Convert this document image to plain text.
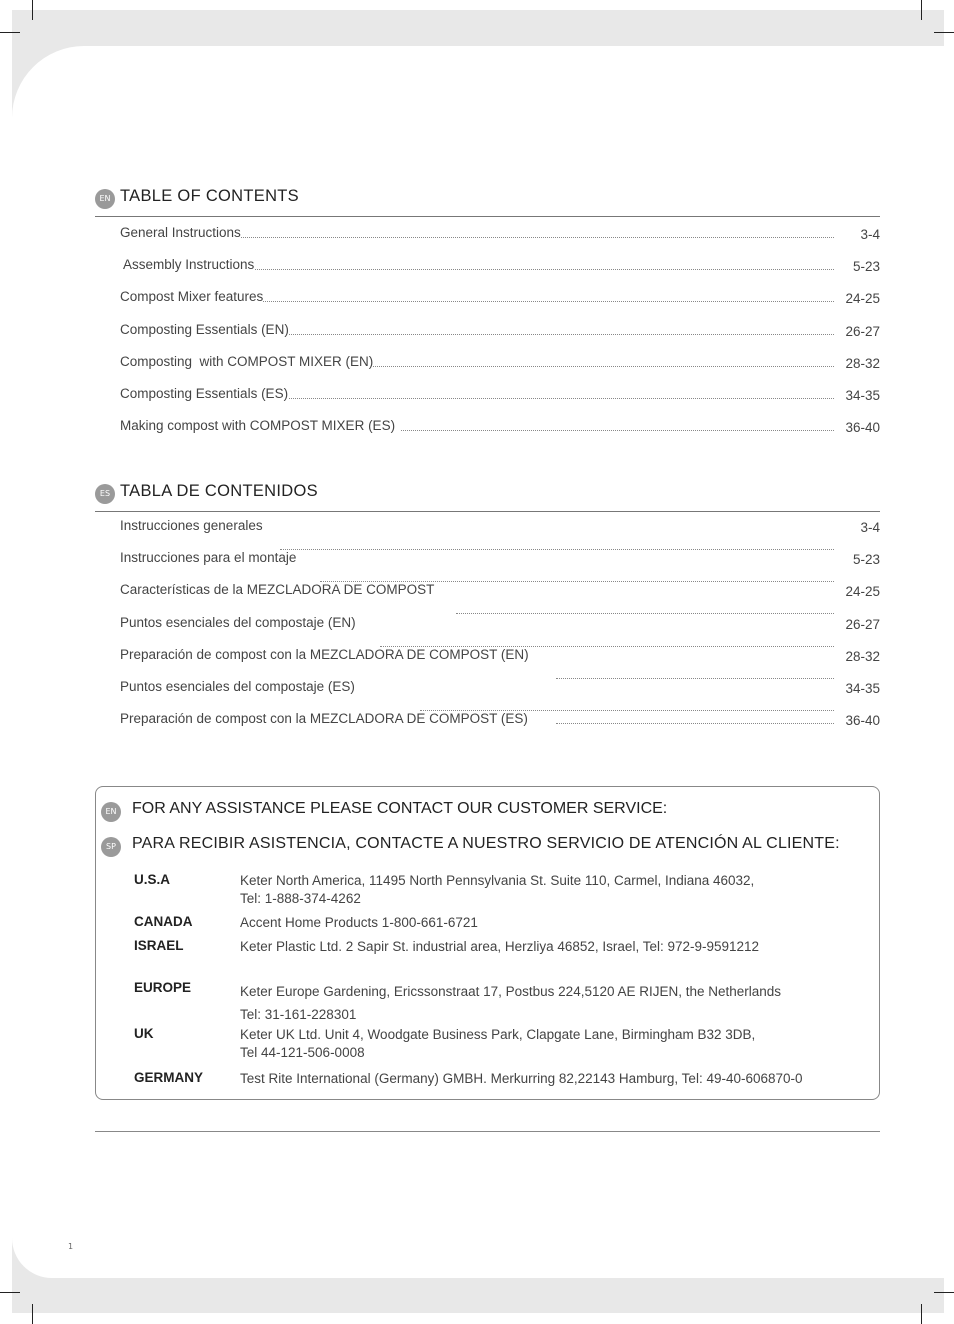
EN TABLE OF CONTENTS
General Instructions	3-4
Assembly Instructions	5-23
Compost Mixer features	24-25
Composting Essentials (EN)	26-27
Composting  with COMPOST MIXER (EN)	28-32
Composting Essentials (ES)	34-35
Making compost with COMPOST MIXER (ES)	36-40
ES TABLA DE CONTENIDOS
Instrucciones generales	3-4
Instrucciones para el montaje	5-23
Características de la MEZCLADORA DE COMPOST	24-25
Puntos esenciales del compostaje (EN)	26-27
Preparación de compost con la MEZCLADORA DE COMPOST (EN)	28-32
Puntos esenciales del compostaje (ES)	34-35
Preparación de compost con la MEZCLADORA DE COMPOST (ES)	36-40
EN FOR ANY ASSISTANCE PLEASE CONTACT OUR CUSTOMER SERVICE:
SP	PARA RECIBIR ASISTENCIA, CONTACTE A NUESTRO SERVICIO DE ATENCIÓN AL CLIENTE:
U.S.A	Keter North America, 11495 North Pennsylvania St. Suite 110, Carmel, Indiana 46032,
Tel: 1-888-374-4262
CANADA	Accent Home Products 1-800-661-6721
ISRAEL	Keter Plastic Ltd. 2 Sapir St. industrial area, Herzliya 46852, Israel, Tel: 972-9-9591212
EUROPE	Keter Europe Gardening, Ericssonstraat 17, Postbus 224,5120 AE RIJEN, the Netherlands
Tel: 31-161-228301
UK	Keter UK Ltd. Unit 4, Woodgate Business Park, Clapgate Lane, Birmingham B32 3DB,
Tel 44-121-506-0008
GERMANY	Test Rite International (Germany) GMBH. Merkurring 82,22143 Hamburg, Tel: 49-40-606870-0
1
